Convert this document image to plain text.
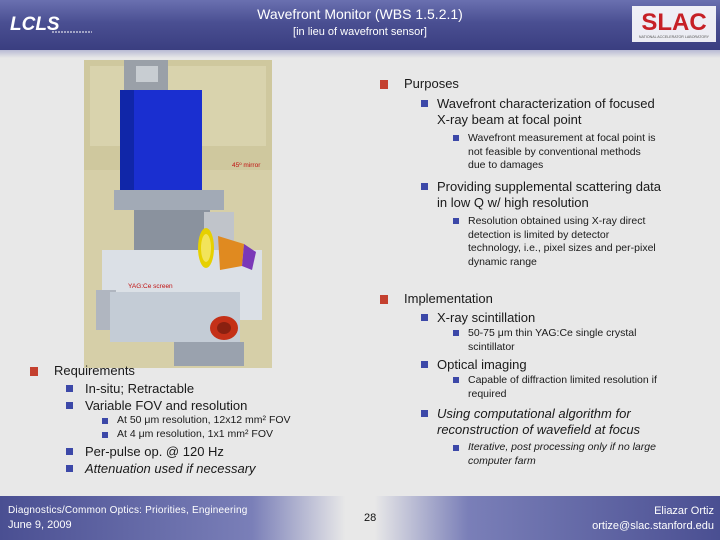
LCLS	Wavefront Monitor (WBS 1.5.2.1)
[in lieu of wavefront sensor]	SLAC
NATIONAL ACCELERATOR LABORATORY
45º mirror
YAG:Ce screen
Purposes
Wavefront characterization of focused
X-ray beam at focal point
Wavefront measurement at focal point is
not feasible by conventional methods
due to damages
Providing supplemental scattering data
in low Q w/ high resolution
Resolution obtained using X-ray direct
detection is limited by detector
technology, i.e., pixel sizes and per-pixel
dynamic range
Implementation
X-ray scintillation
50-75 μm thin YAG:Ce single crystal
scintillator
Optical imaging
Capable of diffraction limited resolution if
required
Using computational algorithm for
reconstruction of wavefield at focus
Iterative, post processing only if no large
computer farm
Requirements
In-situ; Retractable
Variable FOV and resolution
At 50 μm resolution, 12x12 mm² FOV
At 4 μm resolution, 1x1 mm² FOV
Per-pulse op. @ 120 Hz
Attenuation used if necessary
Diagnostics/Common Optics: Priorities, Engineering
June 9, 2009
28
Eliazar Ortiz
ortize@slac.stanford.edu
